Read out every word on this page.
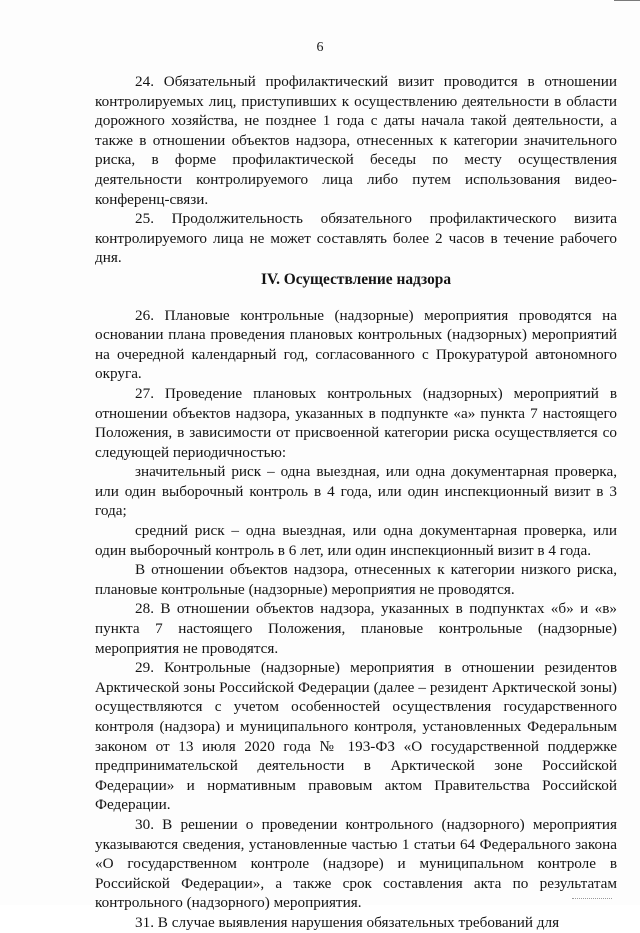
6

24. Обязательный профилактический визит проводится в отношении контролируемых лиц, приступивших к осуществлению деятельности в области дорожного хозяйства, не позднее 1 года с даты начала такой деятельности, а также в отношении объектов надзора, отнесенных к категории значительного риска, в форме профилактической беседы по месту осуществления деятельности контролируемого лица либо путем использования видео-конференц-связи.

25. Продолжительность обязательного профилактического визита контролируемого лица не может составлять более 2 часов в течение рабочего дня.

IV. Осуществление надзора

26. Плановые контрольные (надзорные) мероприятия проводятся на основании плана проведения плановых контрольных (надзорных) мероприятий на очередной календарный год, согласованного с Прокуратурой автономного округа.

27. Проведение плановых контрольных (надзорных) мероприятий в отношении объектов надзора, указанных в подпункте «а» пункта 7 настоящего Положения, в зависимости от присвоенной категории риска осуществляется со следующей периодичностью:

значительный риск – одна выездная, или одна документарная проверка, или один выборочный контроль в 4 года, или один инспекционный визит в 3 года;

средний риск – одна выездная, или одна документарная проверка, или один выборочный контроль в 6 лет, или один инспекционный визит в 4 года.

В отношении объектов надзора, отнесенных к категории низкого риска, плановые контрольные (надзорные) мероприятия не проводятся.

28. В отношении объектов надзора, указанных в подпунктах «б» и «в» пункта 7 настоящего Положения, плановые контрольные (надзорные) мероприятия не проводятся.

29. Контрольные (надзорные) мероприятия в отношении резидентов Арктической зоны Российской Федерации (далее – резидент Арктической зоны) осуществляются с учетом особенностей осуществления государственного контроля (надзора) и муниципального контроля, установленных Федеральным законом от 13 июля 2020 года № 193-ФЗ «О государственной поддержке предпринимательской деятельности в Арктической зоне Российской Федерации» и нормативным правовым актом Правительства Российской Федерации.

30. В решении о проведении контрольного (надзорного) мероприятия указываются сведения, установленные частью 1 статьи 64 Федерального закона «О государственном контроле (надзоре) и муниципальном контроле в Российской Федерации», а также срок составления акта по результатам контрольного (надзорного) мероприятия.

31. В случае выявления нарушения обязательных требований для
